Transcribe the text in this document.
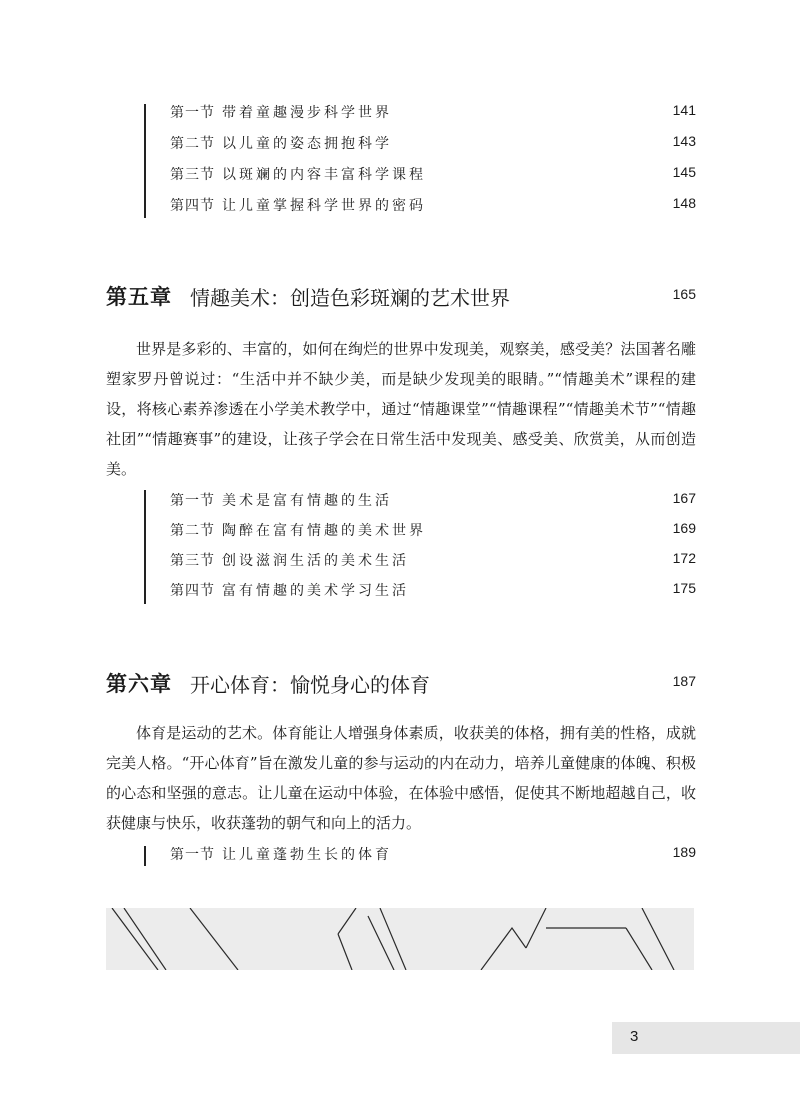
第一节 带着童趣漫步科学世界	141
第二节 以儿童的姿态拥抱科学	143
第三节 以斑斓的内容丰富科学课程	145
第四节 让儿童掌握科学世界的密码	148
第五章 情趣美术：创造色彩斑斓的艺术世界	165

世界是多彩的、丰富的，如何在绚烂的世界中发现美，观察美，感受美？法国著名雕塑家罗丹曾说过：“生活中并不缺少美，而是缺少发现美的眼睛。”“情趣美术”课程的建设，将核心素养渗透在小学美术教学中，通过“情趣课堂”“情趣课程”“情趣美术节”“情趣社团”“情趣赛事”的建设，让孩子学会在日常生活中发现美、感受美、欣赏美，从而创造美。

第一节 美术是富有情趣的生活	167
第二节 陶醉在富有情趣的美术世界	169
第三节 创设滋润生活的美术生活	172
第四节 富有情趣的美术学习生活	175
第六章 开心体育：愉悦身心的体育	187

体育是运动的艺术。体育能让人增强身体素质，收获美的体格，拥有美的性格，成就完美人格。“开心体育”旨在激发儿童的参与运动的内在动力，培养儿童健康的体魄、积极的心态和坚强的意志。让儿童在运动中体验，在体验中感悟，促使其不断地超越自己，收获健康与快乐，收获蓬勃的朝气和向上的活力。

第一节 让儿童蓬勃生长的体育	189
3
